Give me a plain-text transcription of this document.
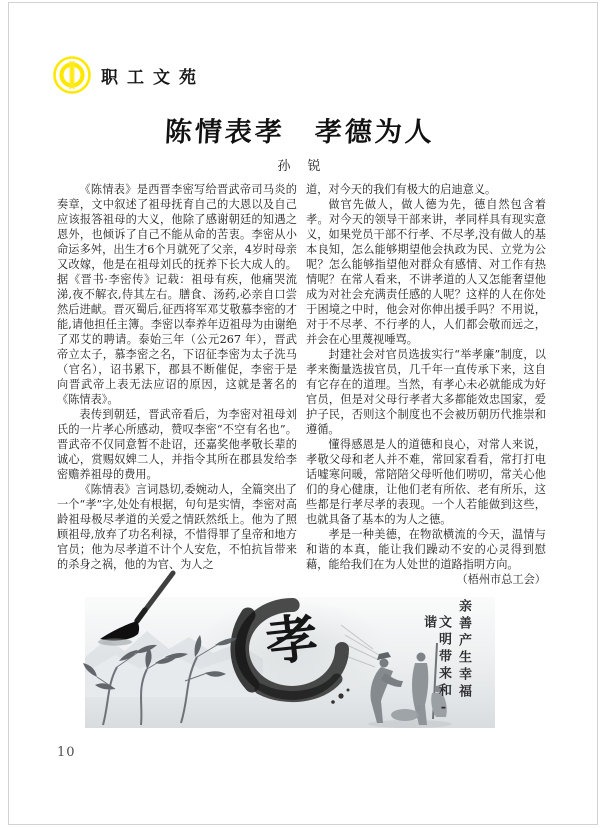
职工文苑
陈情表孝　孝德为人
孙　锐

《陈情表》是西晋李密写给晋武帝司马炎的奏章，文中叙述了祖母抚育自己的大恩以及自己应该报答祖母的大义，他除了感谢朝廷的知遇之恩外，也倾诉了自己不能从命的苦衷。李密从小命运多舛，出生才6个月就死了父亲，4岁时母亲又改嫁，他是在祖母刘氏的抚养下长大成人的。据《晋书·李密传》记载：祖母有疾，他痛哭流涕,夜不解衣,侍其左右。膳食、汤药,必亲自口尝然后进献。晋灭蜀后,征西将军邓艾敬慕李密的才能,请他担任主簿。李密以奉养年迈祖母为由谢绝了邓艾的聘请。泰始三年（公元267 年），晋武帝立太子，慕李密之名，下诏征李密为太子洗马（官名），诏书累下，郡县不断催促，李密于是向晋武帝上表无法应诏的原因，这就是著名的《陈情表》。

表传到朝廷，晋武帝看后，为李密对祖母刘氏的一片孝心所感动，赞叹李密“不空有名也”。 晋武帝不仅同意暂不赴诏，还嘉奖他孝敬长辈的诚心，赏赐奴婢二人，并指令其所在郡县发给李密赡养祖母的费用。

《陈情表》言词恳切,委婉动人，全篇突出了一个“孝”字,处处有根据，句句是实情，李密对高龄祖母极尽孝道的关爱之情跃然纸上。他为了照顾祖母,放弃了功名利禄，不惜得罪了皇帝和地方官员；他为尽孝道不计个人安危，不怕抗旨带来的杀身之祸，他的为官、为人之

道，对今天的我们有极大的启迪意义。

做官先做人，做人德为先，德自然包含着孝。对今天的领导干部来讲，孝同样具有现实意义，如果党员干部不行孝、不尽孝,没有做人的基本良知，怎么能够期望他会执政为民、立党为公呢？怎么能够指望他对群众有感情、对工作有热情呢？在常人看来，不讲孝道的人又怎能奢望他成为对社会充满责任感的人呢？这样的人在你处于困境之中时，他会对你伸出援手吗？不用说，对于不尽孝、不行孝的人，人们都会敬而远之，并会在心里蔑视唾骂。

封建社会对官员选拔实行“举孝廉”制度，以孝来衡量选拔官员，几千年一直传承下来，这自有它存在的道理。当然，有孝心未必就能成为好官员，但是对父母行孝者大多都能效忠国家，爱护子民，否则这个制度也不会被历朝历代推崇和遵循。

懂得感恩是人的道德和良心，对常人来说，孝敬父母和老人并不难，常回家看看，常打打电话嘘寒问暖，常陪陪父母听他们唠叨，常关心他们的身心健康，让他们老有所依、老有所乐，这些都是行孝尽孝的表现。一个人若能做到这些，也就具备了基本的为人之德。

孝是一种美德，在物欲横流的今天，温情与和谐的本真，能让我们躁动不安的心灵得到慰藉，能给我们在为人处世的道路指明方向。

（梧州市总工会）

孝	亲善产生幸福
文明带来和-谐
10
